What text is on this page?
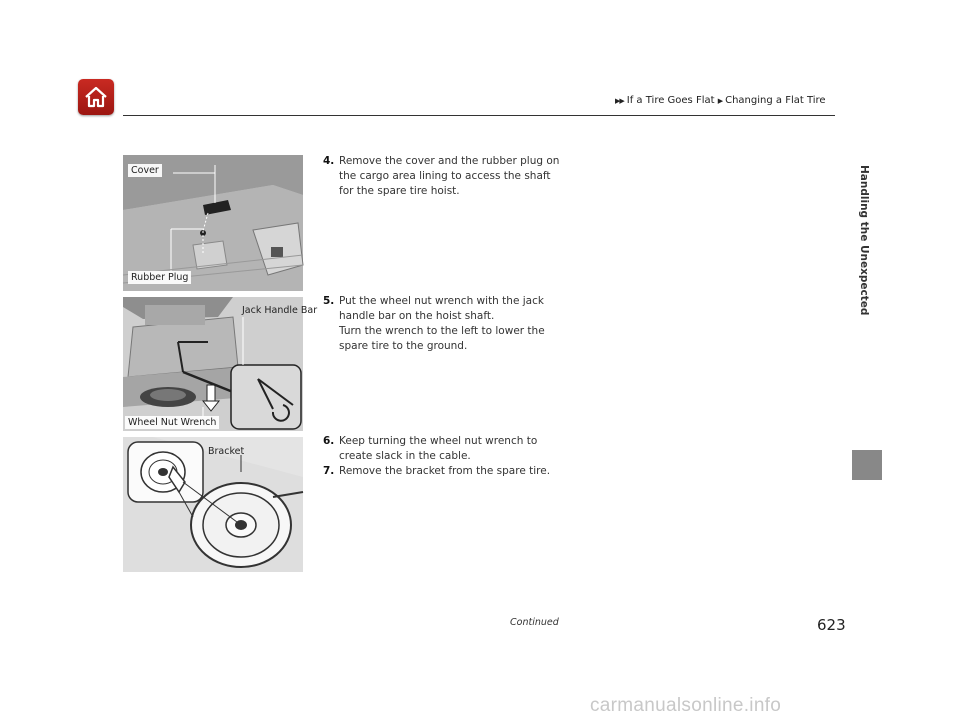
▶▶ If a Tire Goes Flat ▶ Changing a Flat Tire
Handling the Unexpected
Cover
Rubber Plug
Jack Handle Bar
Wheel Nut Wrench
Bracket
4. Remove the cover and the rubber plug on
the cargo area lining to access the shaft
for the spare tire hoist.
5. Put the wheel nut wrench with the jack
handle bar on the hoist shaft.
Turn the wrench to the left to lower the
spare tire to the ground.
6. Keep turning the wheel nut wrench to
create slack in the cable.
7. Remove the bracket from the spare tire.
Continued	623
carmanualsonline.info
